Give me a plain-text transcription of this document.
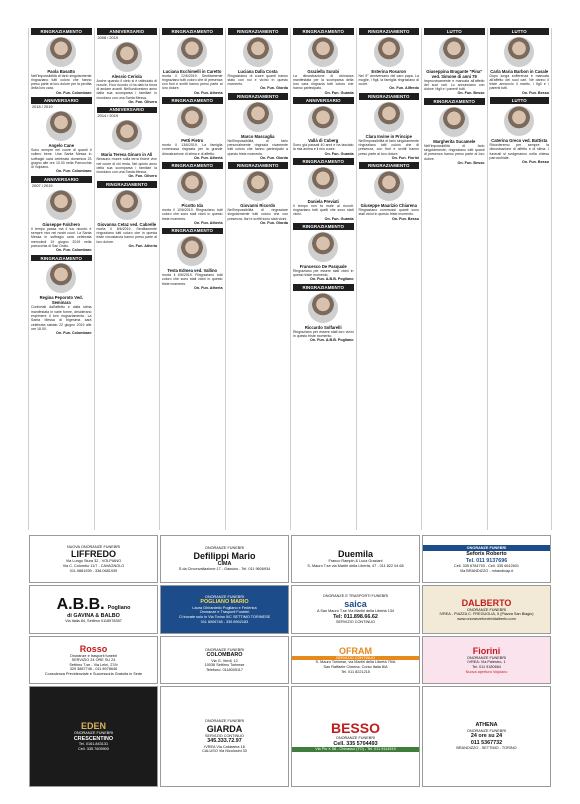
RINGRAZIAMENTO
Paola Basatto
Nell'impossibilità di farlo singolarmente ringraziano tutti coloro che hanno preso parte al loro dolore per la perdita della loro cara.
On. Fun. Colombaro
ANNIVERSARIO
2018 / 2019
Angelo Cane
Sono sempre nel cuore di quanti ti vollero bene. Una Santa Messa in suffragio sarà celebrata domenica 23 giugno alle ore 10.00 nella Parrocchia di Volpiano.
On. Fun. Colombaro
ANNIVERSARIO
2007 / 2019
Giuseppe Falchero
Il tempo passa ma il tuo ricordo è sempre vivo nei nostri cuori. La Santa Messa in suffragio sarà celebrata mercoledì 19 giugno 2019 nella parrocchia di San Grato.
On. Fun. Colombaro
RINGRAZIAMENTO
Regina Peporoto Ved. Seminara
Confortati dall'affetto e dalla stima manifestata in varie forme, desiderano esprimere il loro ringraziamento. La Santa Messa di trigesima sarà celebrata sabato 22 giugno 2019 alle ore 18.00.
On. Fun. Colombaro
ANNIVERSARIO
2008 / 2019
Alessio Ceriola
Anche quando il cielo si è rabbuiato di nuvole, il tuo ricordo ci ha dato la forza di andare avanti. Nell'undicesimo anno dalla sua scomparsa i familiari lo ricordano con una Santa Messa.
On. Fun. Olivero
ANNIVERSARIO
2014 / 2019
Maria Teresa Ginaro in Alì
Nessuno muore sulla terra finché vive nel cuore di chi resta. Nel quinto anno della sua scomparsa i familiari la ricordano con una Santa Messa.
On. Fun. Olivero
RINGRAZIAMENTO
Giovanna Cetaz ved. Cabrelle
morta il 8/6/2019. Sentitamente ringraziano tutti coloro che in questa triste circostanza hanno preso parte al loro dolore.
On. Fun. Atheria
RINGRAZIAMENTO
Luciana Ecchimelli in Caretto
morta il 12/6/2019. Sentitamente ringraziano tutti coloro che di presenza con fiori e scritti hanno preso parte al loro dolore.
On. Fun. Atheria
RINGRAZIAMENTO
Petti Pietro
morto il 13/6/2019. La famiglia commossa ringrazia per la grande dimostrazione di stima e di affetto.
On. Fun. Atheria
RINGRAZIAMENTO
Picotto Ida
morta il 10/6/2019. Ringraziano tutti coloro che sono stati vicini in questo triste momento.
On. Fun. Atheria
RINGRAZIAMENTO
Testa Edmea ved. Vallino
morta il 6/6/2019. Ringraziano tutti coloro che sono stati vicini in questo triste momento.
On. Fun. Atheria
RINGRAZIAMENTO
Luciana Dalla Costa
Ringraziamo di cuore quanti hanno stato con noi e vicino in questo momento.
On. Fun. Giorda
RINGRAZIAMENTO
Marco Mascaglia
Nell'impossibilità di farlo personalmente ringrazia vivamente tutti coloro che hanno partecipato a questo triste momento.
On. Fun. Giorda
RINGRAZIAMENTO
Giovanni Ricordo
Nell'impossibilità di ringraziare singolarmente tutti coloro che con presenza, fiori e scritti sono stati vicini.
On. Fun. Giorda
RINGRAZIAMENTO
Graziella Surabi
La dimostrazione di vicinanza manifestata per la scomparsa della loro cara ringrazia tutti coloro che hanno partecipato.
On. Fun. Guarda
ANNIVERSARIO
Vallà di Cuberg
Sono già passati 40 anni e ha lasciato la mia anima e il mio cuore.
On. Fun. Guarda
RINGRAZIAMENTO
Daniela Previati
Il tempo non fa male ai ricordi: ringraziano tutti quelli che sono stati vicini.
On. Fun. Guarda
RINGRAZIAMENTO
Francesco De Pasquale
Ringraziano per essere stati vicini in questo triste momento.
On. Fun. A.B.B. Pogliano
RINGRAZIAMENTO
Riccardo Solfarelli
Ringraziano per essere stati loro vicini in questo triste momento.
On. Fun. A.B.B. Pogliano
RINGRAZIAMENTO
Esterina Rosaron
Nel 9° anniversario del caro papà. La moglie, i figli, la famiglia ringraziano di cuore.
On. Fun. Allfredo
RINGRAZIAMENTO
Clara Invine in Principe
Nell'impossibilità di farlo singolarmente ringraziano tutti coloro che di presenza, con fiori e scritti hanno preso parte al loro dolore.
On. Fun. Fiorini
RINGRAZIAMENTO
Giuseppe Maurizio Chiarena
Ringraziano commossi quanti sono stati vicini in questo triste momento.
On. Fun. Besso
LUTTO
Giuseppina Bragante "Pina" ved. Simone di anni 79
Improvvisamente e mancata all'affetto dei suoi cari. Lo annunciano con dolore i figli e i parenti tutti.
On. Fun. Besso
RINGRAZIAMENTO
Margherita Sucamele
Nell'impossibilità di farlo singolarmente, ringraziano tutti quanti di presenza hanno preso parte al loro dolore.
On. Fun. Besso
LUTTO
Carla Maria Barbon in Casale
Dopo lunga sofferenza è mancata all'affetto dei suoi cari. Ne danno il triste annuncio il marito, i figli e i parenti tutti.
On. Fun. Besso
LUTTO
Caterina Greco ved. Battista
Ricorderemo per sempre la dimostrazione di affetto e di stima. I funerali si svolgeranno nella chiesa parrocchiale.
On. Fun. Besso
NUOVA ONORANZE FUNEBRI
LIFFREDO
Via Lungo Stura 32 - VOLPIANO
Via C. Colombo 11/7 - CAVAGNOLO
011.9881939 - 338.0681939
ONORANZE FUNEBRI
Defilippi Mario
CIMA
S.da Circonvallazione 17 - Gassino - Tel. 011 9606934
Duemila
Franco Rampin & Luca Graziani
S. Mauro T.se via Martiri della Libertà, 47 - 011 822 04 68
ONORANZE FUNEBRI
Seforis Roberto
Tel. 011 9137696
Cell. 335 6784793 - Cell. 335 6612601
Via BRANDIZZO - mhandicap.it
A.B.B. Pogliano
di GAVINA & BALBO
Via Italia 84, Settimo 0118978357
ONORANZE FUNEBRI
POGLIANO MARIO
Laura Ghirardello Pogliano e Federica
Onoranze e Trasporti Funebri
Ci trovate solo in Via Torino 5/C SETTIMO TORINESE
011 8006748 - 335 8902183
ONORANZE E TRASPORTI FUNEBRI
saica
A San Mauro T.se Via Martiri della Libertà 134
Tel: 011.898.66.62
SERVIZIO CONTINUO
DALBERTO
ONORANZE FUNEBRI
IVREA - PIAZZA C. FREGUGLIA, 5 (Piazza San Biagio)
www.onoranzefunebridalberto.com
Rosso
Onoranze e trasporti funebri
SERVIZIO 24 ORE SU 24
Settimo T.se - Via Leini, 27/b
329 3887746 - 011 8978646
Consulenza Previdenziale e Successoria Gratuita in Sede
ONORANZE FUNEBRI
COLOMBARO
Via G. Verdi, 12
10036 Settimo Torinese
Telefono: 0118005117
OFRAM
SERVIZIO CONTINUO
S. Mauro Torinese, via Martiri della Libertà 79/A
San Raffaele Cimena, Corso Italia 8/A
Tel. 011 8221215
Fiorini
ONORANZE FUNEBRI
IVREA: Via Palestro, 1
Tel. 011 9180664
Nuova apertura Volpiano
EDEN
ONORANZE FUNEBRI
CRESCENTINO
Tel. 0161.843131
Cell. 335.7605900
ONORANZE FUNEBRI
GIARDA
SERVIZIO CONTINUO
345.333.72.97
IVREA Via Caldarera 16
CALUSO Via Nicolosini 33
BESSO
ONORANZE FUNEBRI
Cell. 335 5704493
Via Pio X 58 - Chivasso (TO) - Tel. 011 9114519
ATHENA
ONORANZE FUNEBRI
24 ore su 24
011 5367732
BRANDIZZO - SETTIMO - TORINO
